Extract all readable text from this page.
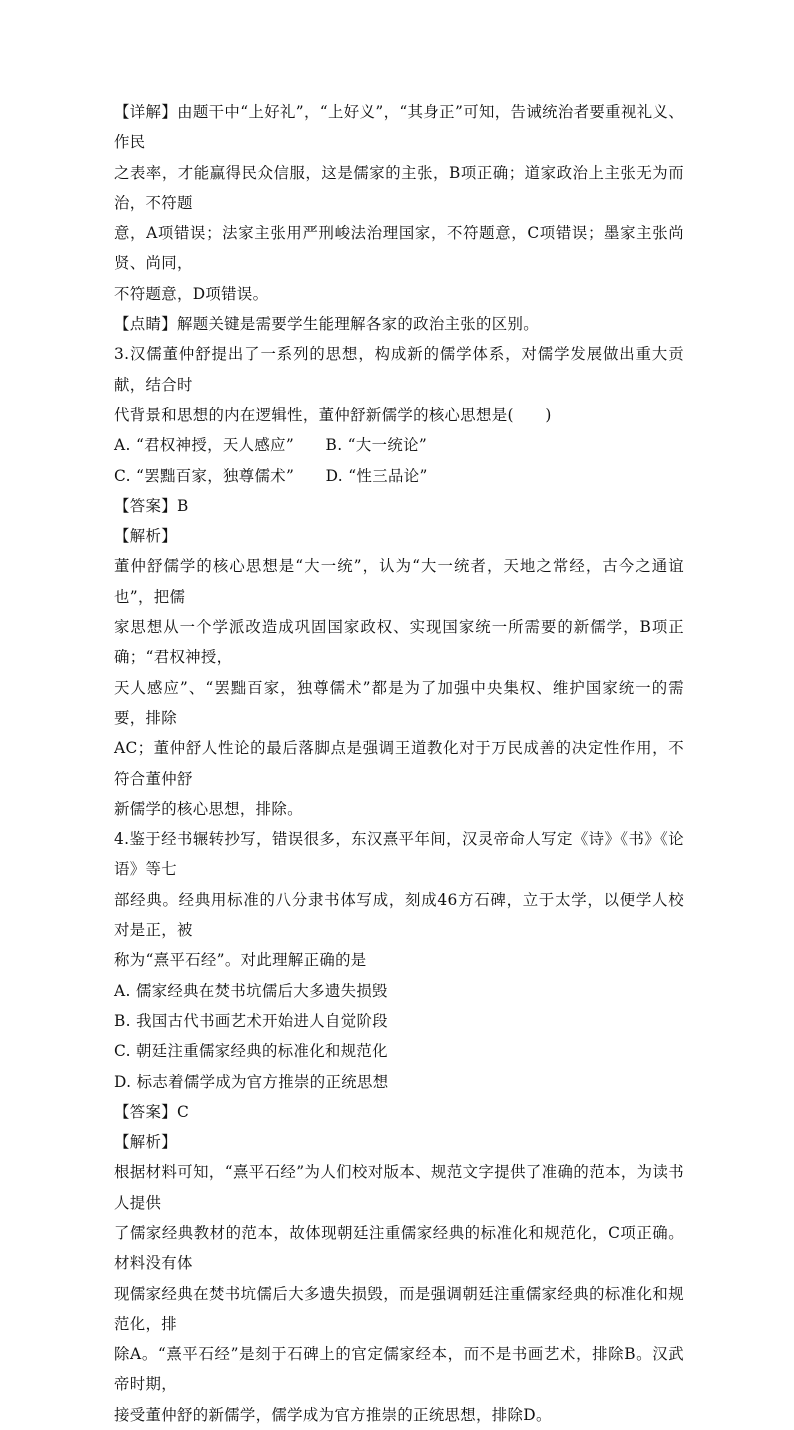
【详解】由题干中“上好礼”，“上好义”，“其身正”可知，告诫统治者要重视礼义、作民

之表率，才能赢得民众信服，这是儒家的主张，B项正确；道家政治上主张无为而治，不符题

意，A项错误；法家主张用严刑峻法治理国家，不符题意，C项错误；墨家主张尚贤、尚同，

不符题意，D项错误。

【点睛】解题关键是需要学生能理解各家的政治主张的区别。

3.汉儒董仲舒提出了一系列的思想，构成新的儒学体系，对儒学发展做出重大贡献，结合时

代背景和思想的内在逻辑性，董仲舒新儒学的核心思想是(　　)

A. “君权神授，天人感应”　　B. “大一统论”

C. “罢黜百家，独尊儒术”　　D. “性三品论”

【答案】B

【解析】

董仲舒儒学的核心思想是“大一统”，认为“大一统者，天地之常经，古今之通谊也”，把儒

家思想从一个学派改造成巩固国家政权、实现国家统一所需要的新儒学，B项正确；“君权神授，

天人感应”、“罢黜百家，独尊儒术”都是为了加强中央集权、维护国家统一的需要，排除

AC；董仲舒人性论的最后落脚点是强调王道教化对于万民成善的决定性作用，不符合董仲舒

新儒学的核心思想，排除。

4.鉴于经书辗转抄写，错误很多，东汉熹平年间，汉灵帝命人写定《诗》《书》《论语》等七

部经典。经典用标准的八分隶书体写成，刻成46方石碑，立于太学，以便学人校对是正，被

称为“熹平石经”。对此理解正确的是

A. 儒家经典在焚书坑儒后大多遗失损毁

B. 我国古代书画艺术开始进人自觉阶段

C. 朝廷注重儒家经典的标准化和规范化

D. 标志着儒学成为官方推崇的正统思想

【答案】C

【解析】

根据材料可知，“熹平石经”为人们校对版本、规范文字提供了准确的范本，为读书人提供

了儒家经典教材的范本，故体现朝廷注重儒家经典的标准化和规范化，C项正确。材料没有体

现儒家经典在焚书坑儒后大多遗失损毁，而是强调朝廷注重儒家经典的标准化和规范化，排

除A。“熹平石经”是刻于石碑上的官定儒家经本，而不是书画艺术，排除B。汉武帝时期，

接受董仲舒的新儒学，儒学成为官方推崇的正统思想，排除D。
